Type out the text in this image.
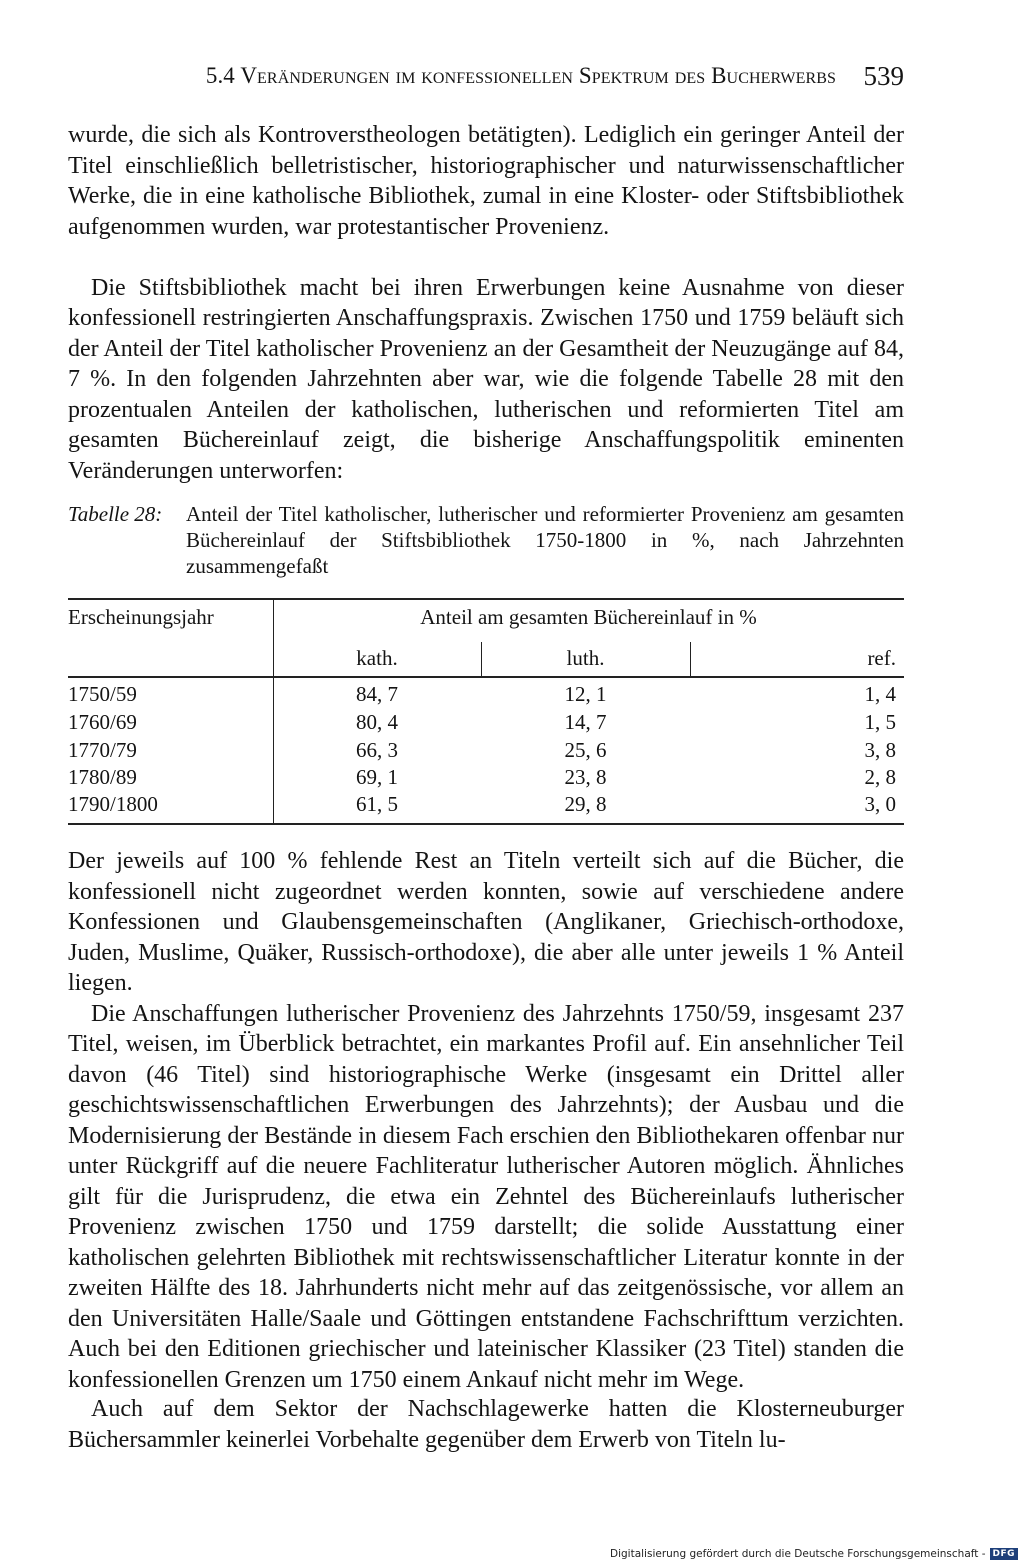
5.4 Veränderungen im konfessionellen Spektrum des Bucherwerbs 539

wurde, die sich als Kontroverstheologen betätigten). Lediglich ein geringer Anteil der Titel einschließlich belletristischer, historiographischer und naturwissenschaftlicher Werke, die in eine katholische Bibliothek, zumal in eine Kloster- oder Stiftsbibliothek aufgenommen wurden, war protestantischer Provenienz.

Die Stiftsbibliothek macht bei ihren Erwerbungen keine Ausnahme von dieser konfessionell restringierten Anschaffungspraxis. Zwischen 1750 und 1759 beläuft sich der Anteil der Titel katholischer Provenienz an der Gesamtheit der Neuzugänge auf 84, 7 %. In den folgenden Jahrzehnten aber war, wie die folgende Tabelle 28 mit den prozentualen Anteilen der katholischen, lutherischen und reformierten Titel am gesamten Büchereinlauf zeigt, die bisherige Anschaffungspolitik eminenten Veränderungen unterworfen:

Tabelle 28: Anteil der Titel katholischer, lutherischer und reformierter Provenienz am gesamten Büchereinlauf der Stiftsbibliothek 1750-1800 in %, nach Jahrzehnten zusammengefaßt
Erscheinungsjahr	Anteil am gesamten Büchereinlauf in %
kath.	luth.	ref.
1750/59	84, 7	12, 1	1, 4
1760/69	80, 4	14, 7	1, 5
1770/79	66, 3	25, 6	3, 8
1780/89	69, 1	23, 8	2, 8
1790/1800	61, 5	29, 8	3, 0

Der jeweils auf 100 % fehlende Rest an Titeln verteilt sich auf die Bücher, die konfessionell nicht zugeordnet werden konnten, sowie auf verschiedene andere Konfessionen und Glaubensgemeinschaften (Anglikaner, Griechisch-orthodoxe, Juden, Muslime, Quäker, Russisch-orthodoxe), die aber alle unter jeweils 1 % Anteil liegen.

Die Anschaffungen lutherischer Provenienz des Jahrzehnts 1750/59, insgesamt 237 Titel, weisen, im Überblick betrachtet, ein markantes Profil auf. Ein ansehnlicher Teil davon (46 Titel) sind historiographische Werke (insgesamt ein Drittel aller geschichtswissenschaftlichen Erwerbungen des Jahrzehnts); der Ausbau und die Modernisierung der Bestände in diesem Fach erschien den Bibliothekaren offenbar nur unter Rückgriff auf die neuere Fachliteratur lutherischer Autoren möglich. Ähnliches gilt für die Jurisprudenz, die etwa ein Zehntel des Büchereinlaufs lutherischer Provenienz zwischen 1750 und 1759 darstellt; die solide Ausstattung einer katholischen gelehrten Bibliothek mit rechtswissenschaftlicher Literatur konnte in der zweiten Hälfte des 18. Jahrhunderts nicht mehr auf das zeitgenössische, vor allem an den Universitäten Halle/Saale und Göttingen entstandene Fachschrifttum verzichten. Auch bei den Editionen griechischer und lateinischer Klassiker (23 Titel) standen die konfessionellen Grenzen um 1750 einem Ankauf nicht mehr im Wege.

Auch auf dem Sektor der Nachschlagewerke hatten die Klosterneuburger Büchersammler keinerlei Vorbehalte gegenüber dem Erwerb von Titeln lu-

Digitalisierung gefördert durch die Deutsche Forschungsgemeinschaft - DFG
